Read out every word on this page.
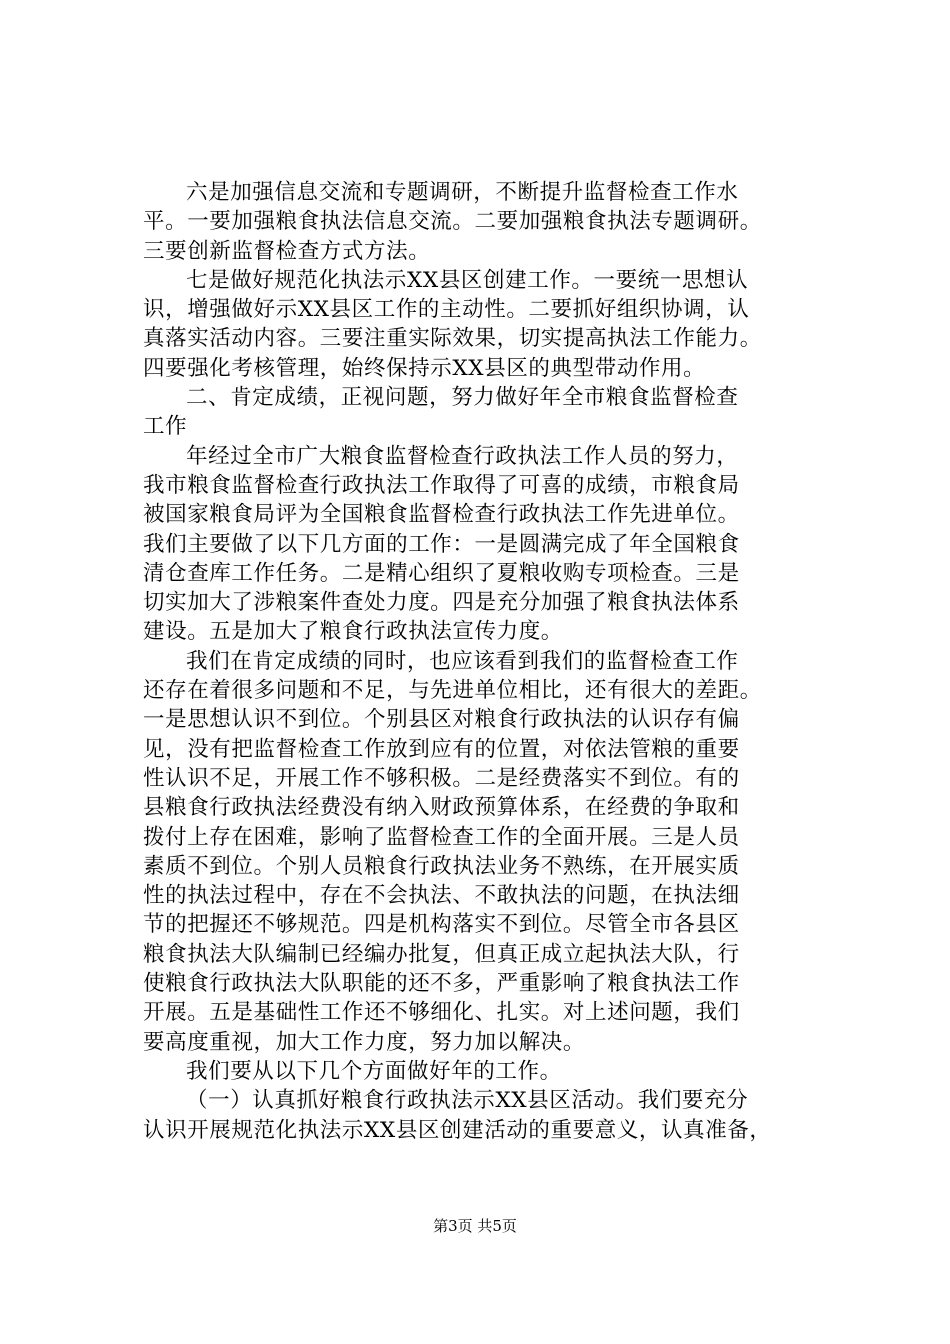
六是加强信息交流和专题调研，不断提升监督检查工作水
平。一要加强粮食执法信息交流。二要加强粮食执法专题调研。
三要创新监督检查方式方法。
七是做好规范化执法示XX县区创建工作。一要统一思想认
识，增强做好示XX县区工作的主动性。二要抓好组织协调，认
真落实活动内容。三要注重实际效果，切实提高执法工作能力。
四要强化考核管理，始终保持示XX县区的典型带动作用。
二、肯定成绩，正视问题，努力做好年全市粮食监督检查
工作
年经过全市广大粮食监督检查行政执法工作人员的努力，
我市粮食监督检查行政执法工作取得了可喜的成绩，市粮食局
被国家粮食局评为全国粮食监督检查行政执法工作先进单位。
我们主要做了以下几方面的工作：一是圆满完成了年全国粮食
清仓查库工作任务。二是精心组织了夏粮收购专项检查。三是
切实加大了涉粮案件查处力度。四是充分加强了粮食执法体系
建设。五是加大了粮食行政执法宣传力度。
我们在肯定成绩的同时，也应该看到我们的监督检查工作
还存在着很多问题和不足，与先进单位相比，还有很大的差距。
一是思想认识不到位。个别县区对粮食行政执法的认识存有偏
见，没有把监督检查工作放到应有的位置，对依法管粮的重要
性认识不足，开展工作不够积极。二是经费落实不到位。有的
县粮食行政执法经费没有纳入财政预算体系，在经费的争取和
拨付上存在困难，影响了监督检查工作的全面开展。三是人员
素质不到位。个别人员粮食行政执法业务不熟练，在开展实质
性的执法过程中，存在不会执法、不敢执法的问题，在执法细
节的把握还不够规范。四是机构落实不到位。尽管全市各县区
粮食执法大队编制已经编办批复，但真正成立起执法大队，行
使粮食行政执法大队职能的还不多，严重影响了粮食执法工作
开展。五是基础性工作还不够细化、扎实。对上述问题，我们
要高度重视，加大工作力度，努力加以解决。
我们要从以下几个方面做好年的工作。
（一）认真抓好粮食行政执法示XX县区活动。我们要充分
认识开展规范化执法示XX县区创建活动的重要意义，认真准备，
第3页 共5页
